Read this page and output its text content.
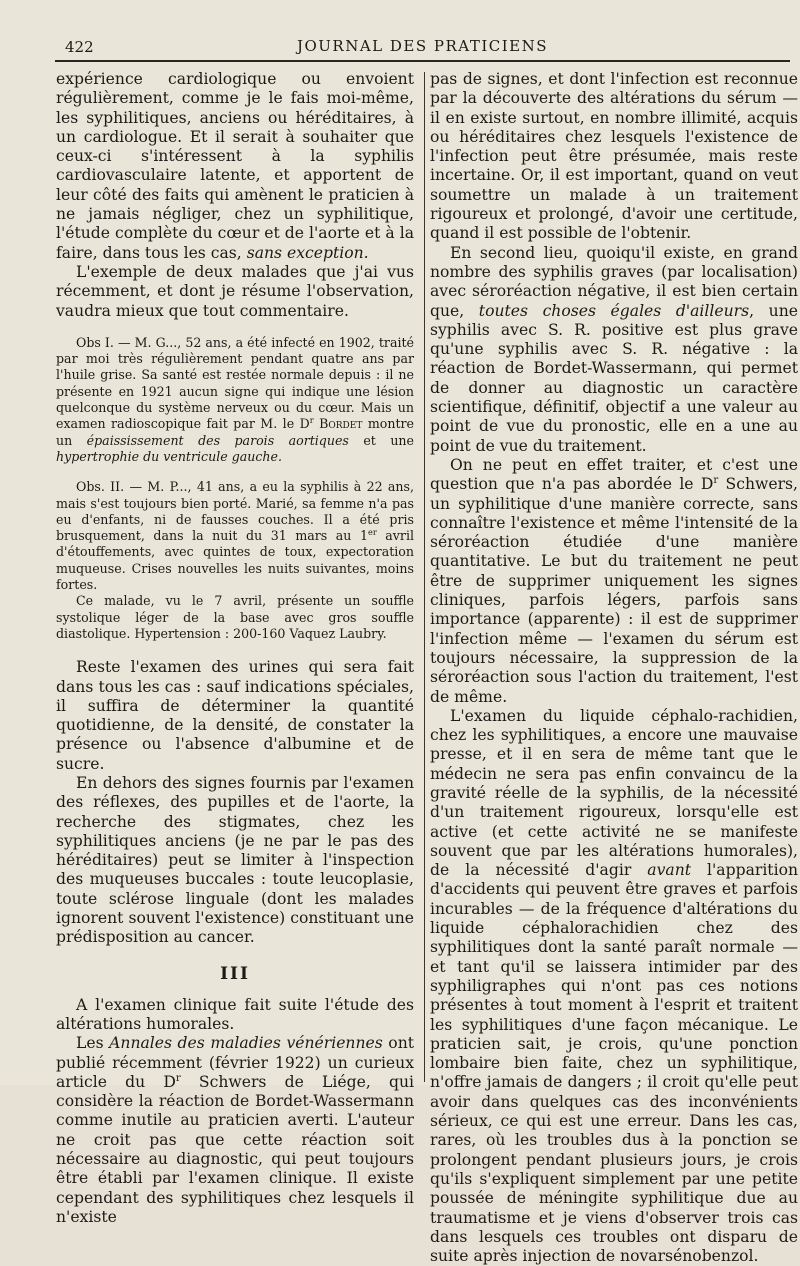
422	JOURNAL DES PRATICIENS

expérience cardiologique ou envoient régulièrement, comme je le fais moi-même, les syphilitiques, anciens ou héréditaires, à un cardiologue. Et il serait à souhaiter que ceux-ci s'intéressent à la syphilis cardiovasculaire latente, et apportent de leur côté des faits qui amènent le praticien à ne jamais négliger, chez un syphilitique, l'étude complète du cœur et de l'aorte et à la faire, dans tous les cas, sans exception.

L'exemple de deux malades que j'ai vus récemment, et dont je résume l'observation, vaudra mieux que tout commentaire.

Obs I. — M. G..., 52 ans, a été infecté en 1902, traité par moi très régulièrement pendant quatre ans par l'huile grise. Sa santé est restée normale depuis : il ne présente en 1921 aucun signe qui indique une lésion quelconque du système nerveux ou du cœur. Mais un examen radioscopique fait par M. le $D^r$ Bordet montre un épaississement des parois aortiques et une hypertrophie du ventricule gauche.

Obs. II. — M. P..., 41 ans, a eu la syphilis à 22 ans, mais s'est toujours bien porté. Marié, sa femme n'a pas eu d'enfants, ni de fausses couches. Il a été pris brusquement, dans la nuit du 31 mars au 1er avril d'étouffements, avec quintes de toux, expectoration muqueuse. Crises nouvelles les nuits suivantes, moins fortes.

Ce malade, vu le 7 avril, présente un souffle systolique léger de la base avec gros souffle diastolique. Hypertension : 200-160 Vaquez Laubry.

Reste l'examen des urines qui sera fait dans tous les cas : sauf indications spéciales, il suffira de déterminer la quantité quotidienne, de la densité, de constater la présence ou l'absence d'albumine et de sucre.

En dehors des signes fournis par l'examen des réflexes, des pupilles et de l'aorte, la recherche des stigmates, chez les syphilitiques anciens (je ne par le pas des héréditaires) peut se limiter à l'inspection des muqueuses buccales : toute leucoplasie, toute sclérose linguale (dont les malades ignorent souvent l'existence) constituant une prédisposition au cancer.

III

A l'examen clinique fait suite l'étude des altérations humorales.

Les Annales des maladies vénériennes ont publié récemment (février 1922) un curieux article du $D^r$ Schwers de Liége, qui considère la réaction de Bordet-Wassermann comme inutile au praticien averti. L'auteur ne croit pas que cette réaction soit nécessaire au diagnostic, qui peut toujours être établi par l'examen clinique. Il existe cependant des syphilitiques chez lesquels il n'existe

pas de signes, et dont l'infection est reconnue par la découverte des altérations du sérum — il en existe surtout, en nombre illimité, acquis ou héréditaires chez lesquels l'existence de l'infection peut être présumée, mais reste incertaine. Or, il est important, quand on veut soumettre un malade à un traitement rigoureux et prolongé, d'avoir une certitude, quand il est possible de l'obtenir.

En second lieu, quoiqu'il existe, en grand nombre des syphilis graves (par localisation) avec séroréaction négative, il est bien certain que, toutes choses égales d'ailleurs, une syphilis avec S. R. positive est plus grave qu'une syphilis avec S. R. négative : la réaction de Bordet-Wassermann, qui permet de donner au diagnostic un caractère scientifique, définitif, objectif a une valeur au point de vue du pronostic, elle en a une au point de vue du traitement.

On ne peut en effet traiter, et c'est une question que n'a pas abordée le $D^r$ Schwers, un syphilitique d'une manière correcte, sans connaître l'existence et même l'intensité de la séroréaction étudiée d'une manière quantitative. Le but du traitement ne peut être de supprimer uniquement les signes cliniques, parfois légers, parfois sans importance (apparente) : il est de supprimer l'infection même — l'examen du sérum est toujours nécessaire, la suppression de la séroréaction sous l'action du traitement, l'est de même.

L'examen du liquide céphalo-rachidien, chez les syphilitiques, a encore une mauvaise presse, et il en sera de même tant que le médecin ne sera pas enfin convaincu de la gravité réelle de la syphilis, de la nécessité d'un traitement rigoureux, lorsqu'elle est active (et cette activité ne se manifeste souvent que par les altérations humorales), de la nécessité d'agir avant l'apparition d'accidents qui peuvent être graves et parfois incurables — de la fréquence d'altérations du liquide céphalorachidien chez des syphilitiques dont la santé paraît normale — et tant qu'il se laissera intimider par des syphiligraphes qui n'ont pas ces notions présentes à tout moment à l'esprit et traitent les syphilitiques d'une façon mécanique. Le praticien sait, je crois, qu'une ponction lombaire bien faite, chez un syphilitique, n'offre jamais de dangers ; il croit qu'elle peut avoir dans quelques cas des inconvénients sérieux, ce qui est une erreur. Dans les cas, rares, où les troubles dus à la ponction se prolongent pendant plusieurs jours, je crois qu'ils s'expliquent simplement par une petite poussée de méningite syphilitique due au traumatisme et je viens d'observer trois cas dans lesquels ces troubles ont disparu de suite après injection de novarsénobenzol.
